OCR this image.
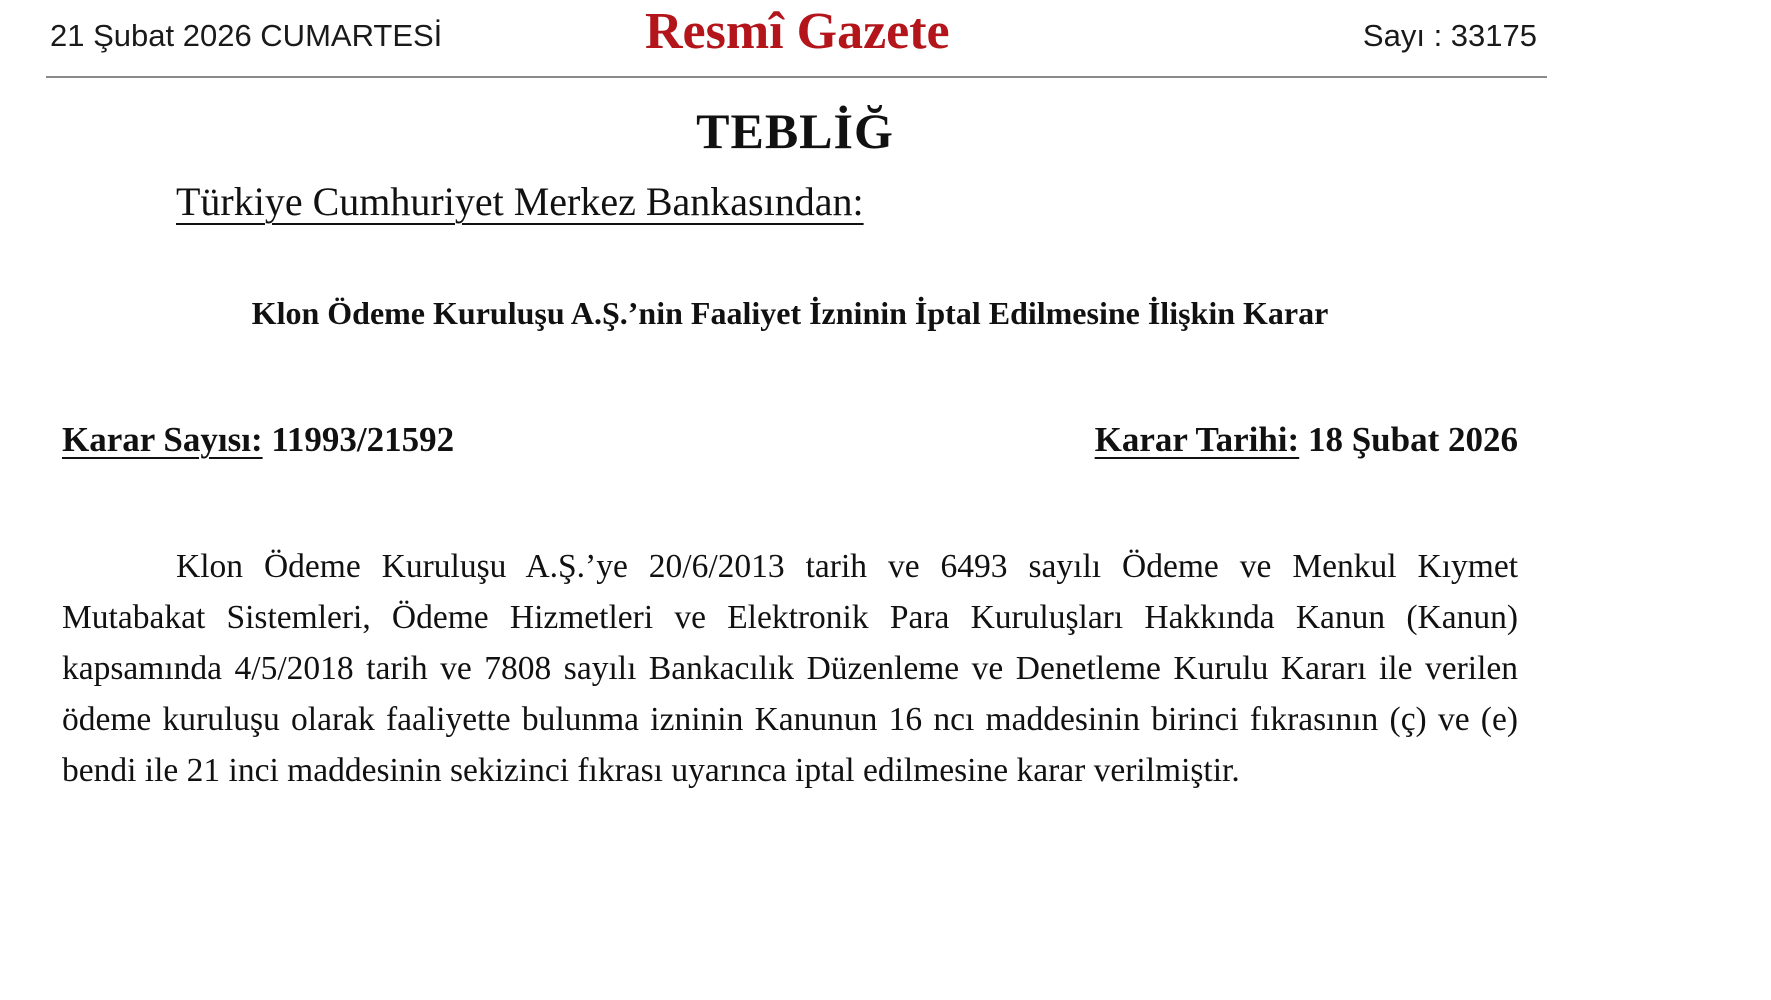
21 Şubat 2026 CUMARTESİ	Resmî Gazete	Sayı : 33175
TEBLİĞ
Türkiye Cumhuriyet Merkez Bankasından:
Klon Ödeme Kuruluşu A.Ş.’nin Faaliyet İzninin İptal Edilmesine İlişkin Karar
Karar Sayısı: 11993/21592	Karar Tarihi: 18 Şubat 2026

Klon Ödeme Kuruluşu A.Ş.’ye 20/6/2013 tarih ve 6493 sayılı Ödeme ve Menkul Kıymet Mutabakat Sistemleri, Ödeme Hizmetleri ve Elektronik Para Kuruluşları Hakkında Kanun (Kanun) kapsamında 4/5/2018 tarih ve 7808 sayılı Bankacılık Düzenleme ve Denetleme Kurulu Kararı ile verilen ödeme kuruluşu olarak faaliyette bulunma izninin Kanunun 16 ncı maddesinin birinci fıkrasının (ç) ve (e) bendi ile 21 inci maddesinin sekizinci fıkrası uyarınca iptal edilmesine karar verilmiştir.
